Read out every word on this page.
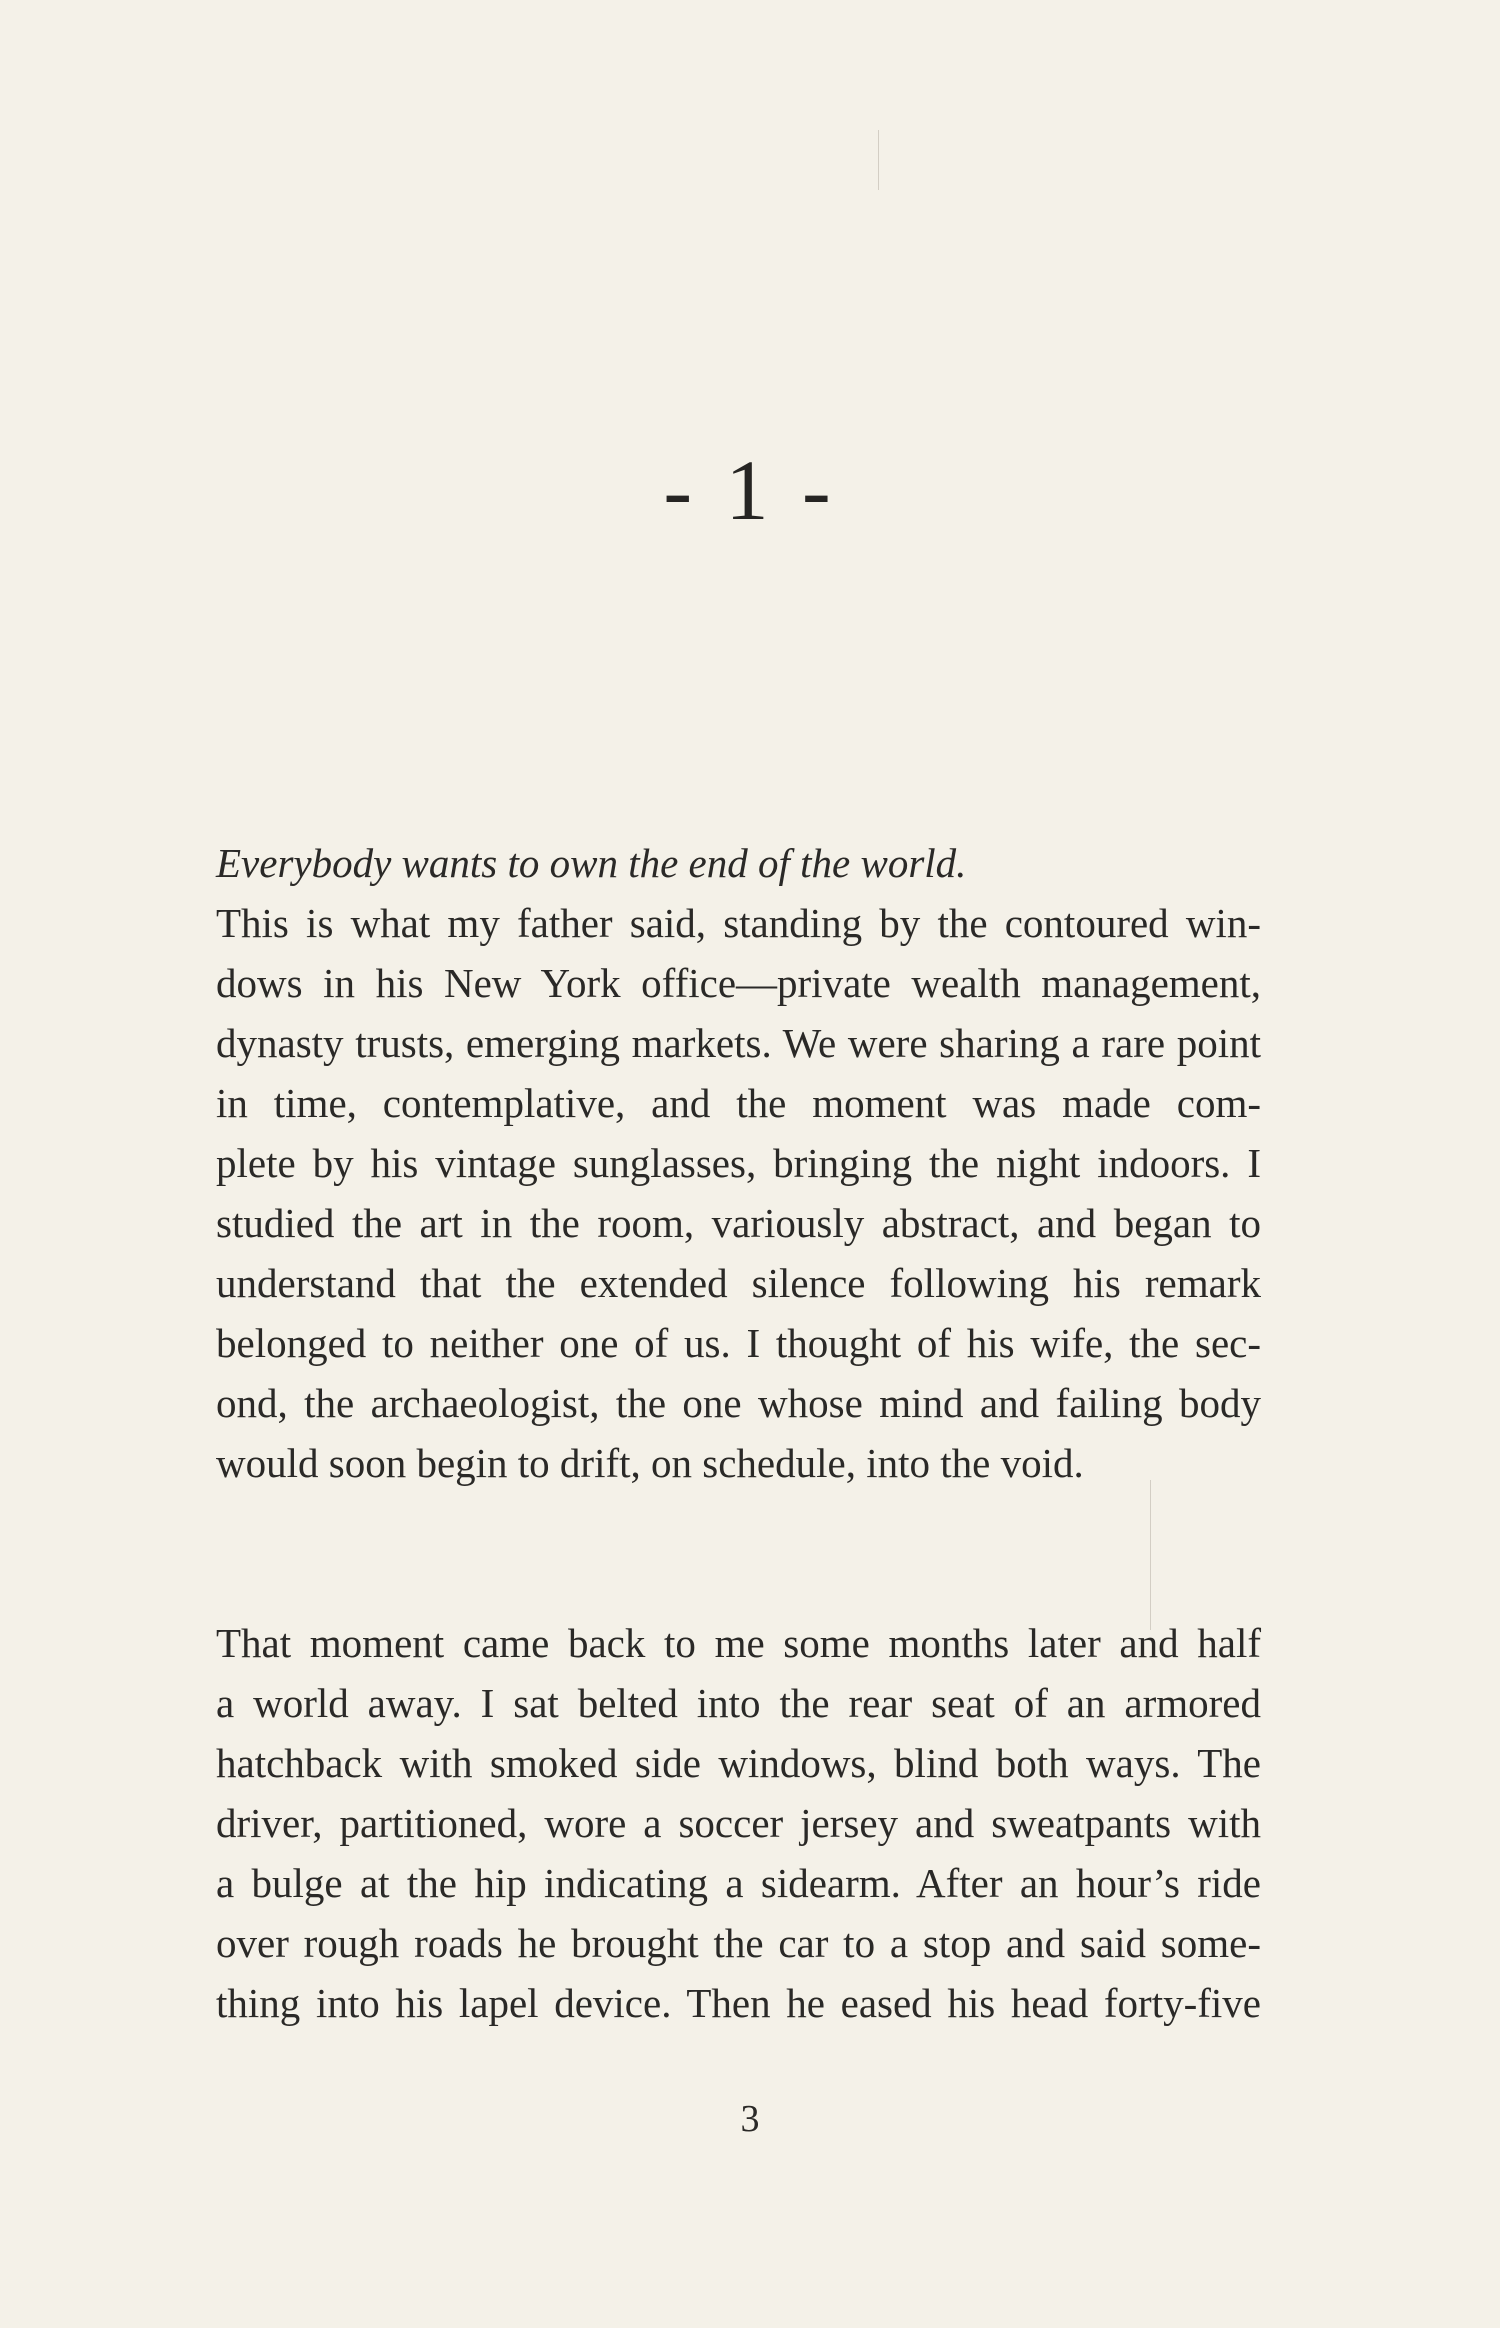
- 1 -

Everybody wants to own the end of the world.

This is what my father said, standing by the contoured win-

dows in his New York office—private wealth management,

dynasty trusts, emerging markets. We were sharing a rare point

in time, contemplative, and the moment was made com-

plete by his vintage sunglasses, bringing the night indoors. I

studied the art in the room, variously abstract, and began to

understand that the extended silence following his remark

belonged to neither one of us. I thought of his wife, the sec-

ond, the archaeologist, the one whose mind and failing body

would soon begin to drift, on schedule, into the void.

That moment came back to me some months later and half

a world away. I sat belted into the rear seat of an armored

hatchback with smoked side windows, blind both ways. The

driver, partitioned, wore a soccer jersey and sweatpants with

a bulge at the hip indicating a sidearm. After an hour’s ride

over rough roads he brought the car to a stop and said some-

thing into his lapel device. Then he eased his head forty-five

3
